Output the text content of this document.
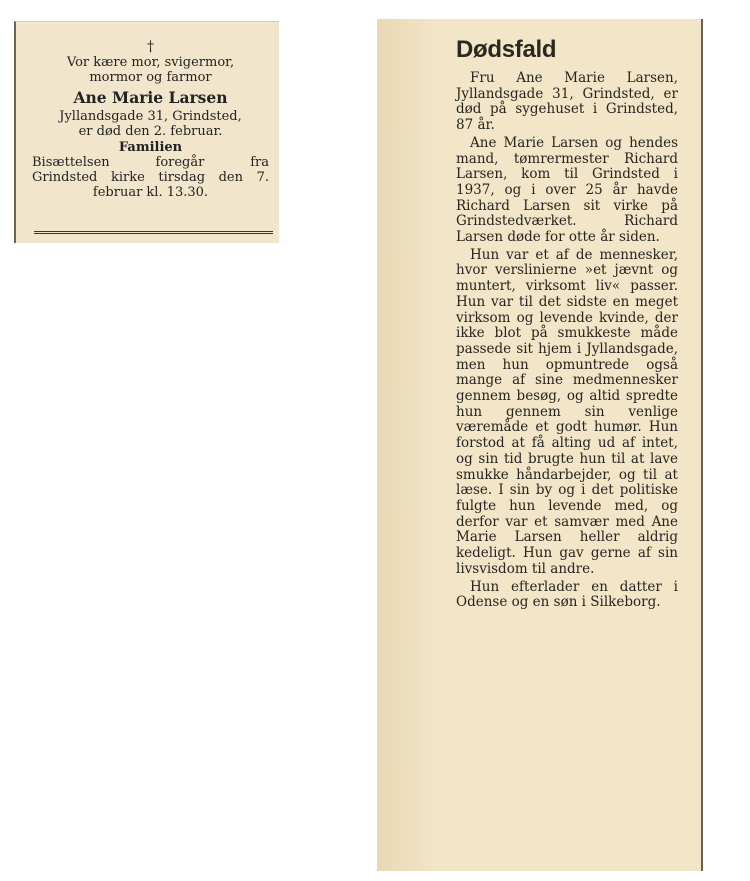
†
Vor kære mor, svigermor,
mormor og farmor
Ane Marie Larsen
Jyllandsgade 31, Grindsted,
er død den 2. februar.
Familien
Bisættelsen foregår fra
Grindsted kirke tirsdag den 7.
februar kl. 13.30.
Dødsfald

Fru Ane Marie Larsen, Jyllandsgade 31, Grindsted, er død på sygehuset i Grindsted, 87 år.

Ane Marie Larsen og hendes mand, tømrermester Richard Larsen, kom til Grindsted i 1937, og i over 25 år havde Richard Larsen sit virke på Grindstedværket. Richard Larsen døde for otte år siden.

Hun var et af de mennesker, hvor verslinierne »et jævnt og muntert, virksomt liv« passer. Hun var til det sidste en meget virksom og levende kvinde, der ikke blot på smukkeste måde passede sit hjem i Jyllandsgade, men hun opmuntrede også mange af sine medmennesker gennem besøg, og altid spredte hun gennem sin venlige væremåde et godt humør. Hun forstod at få alting ud af intet, og sin tid brugte hun til at lave smukke håndarbejder, og til at læse. I sin by og i det politiske fulgte hun levende med, og derfor var et samvær med Ane Marie Larsen heller aldrig kedeligt. Hun gav gerne af sin livsvisdom til andre.

Hun efterlader en datter i Odense og en søn i Silkeborg.
